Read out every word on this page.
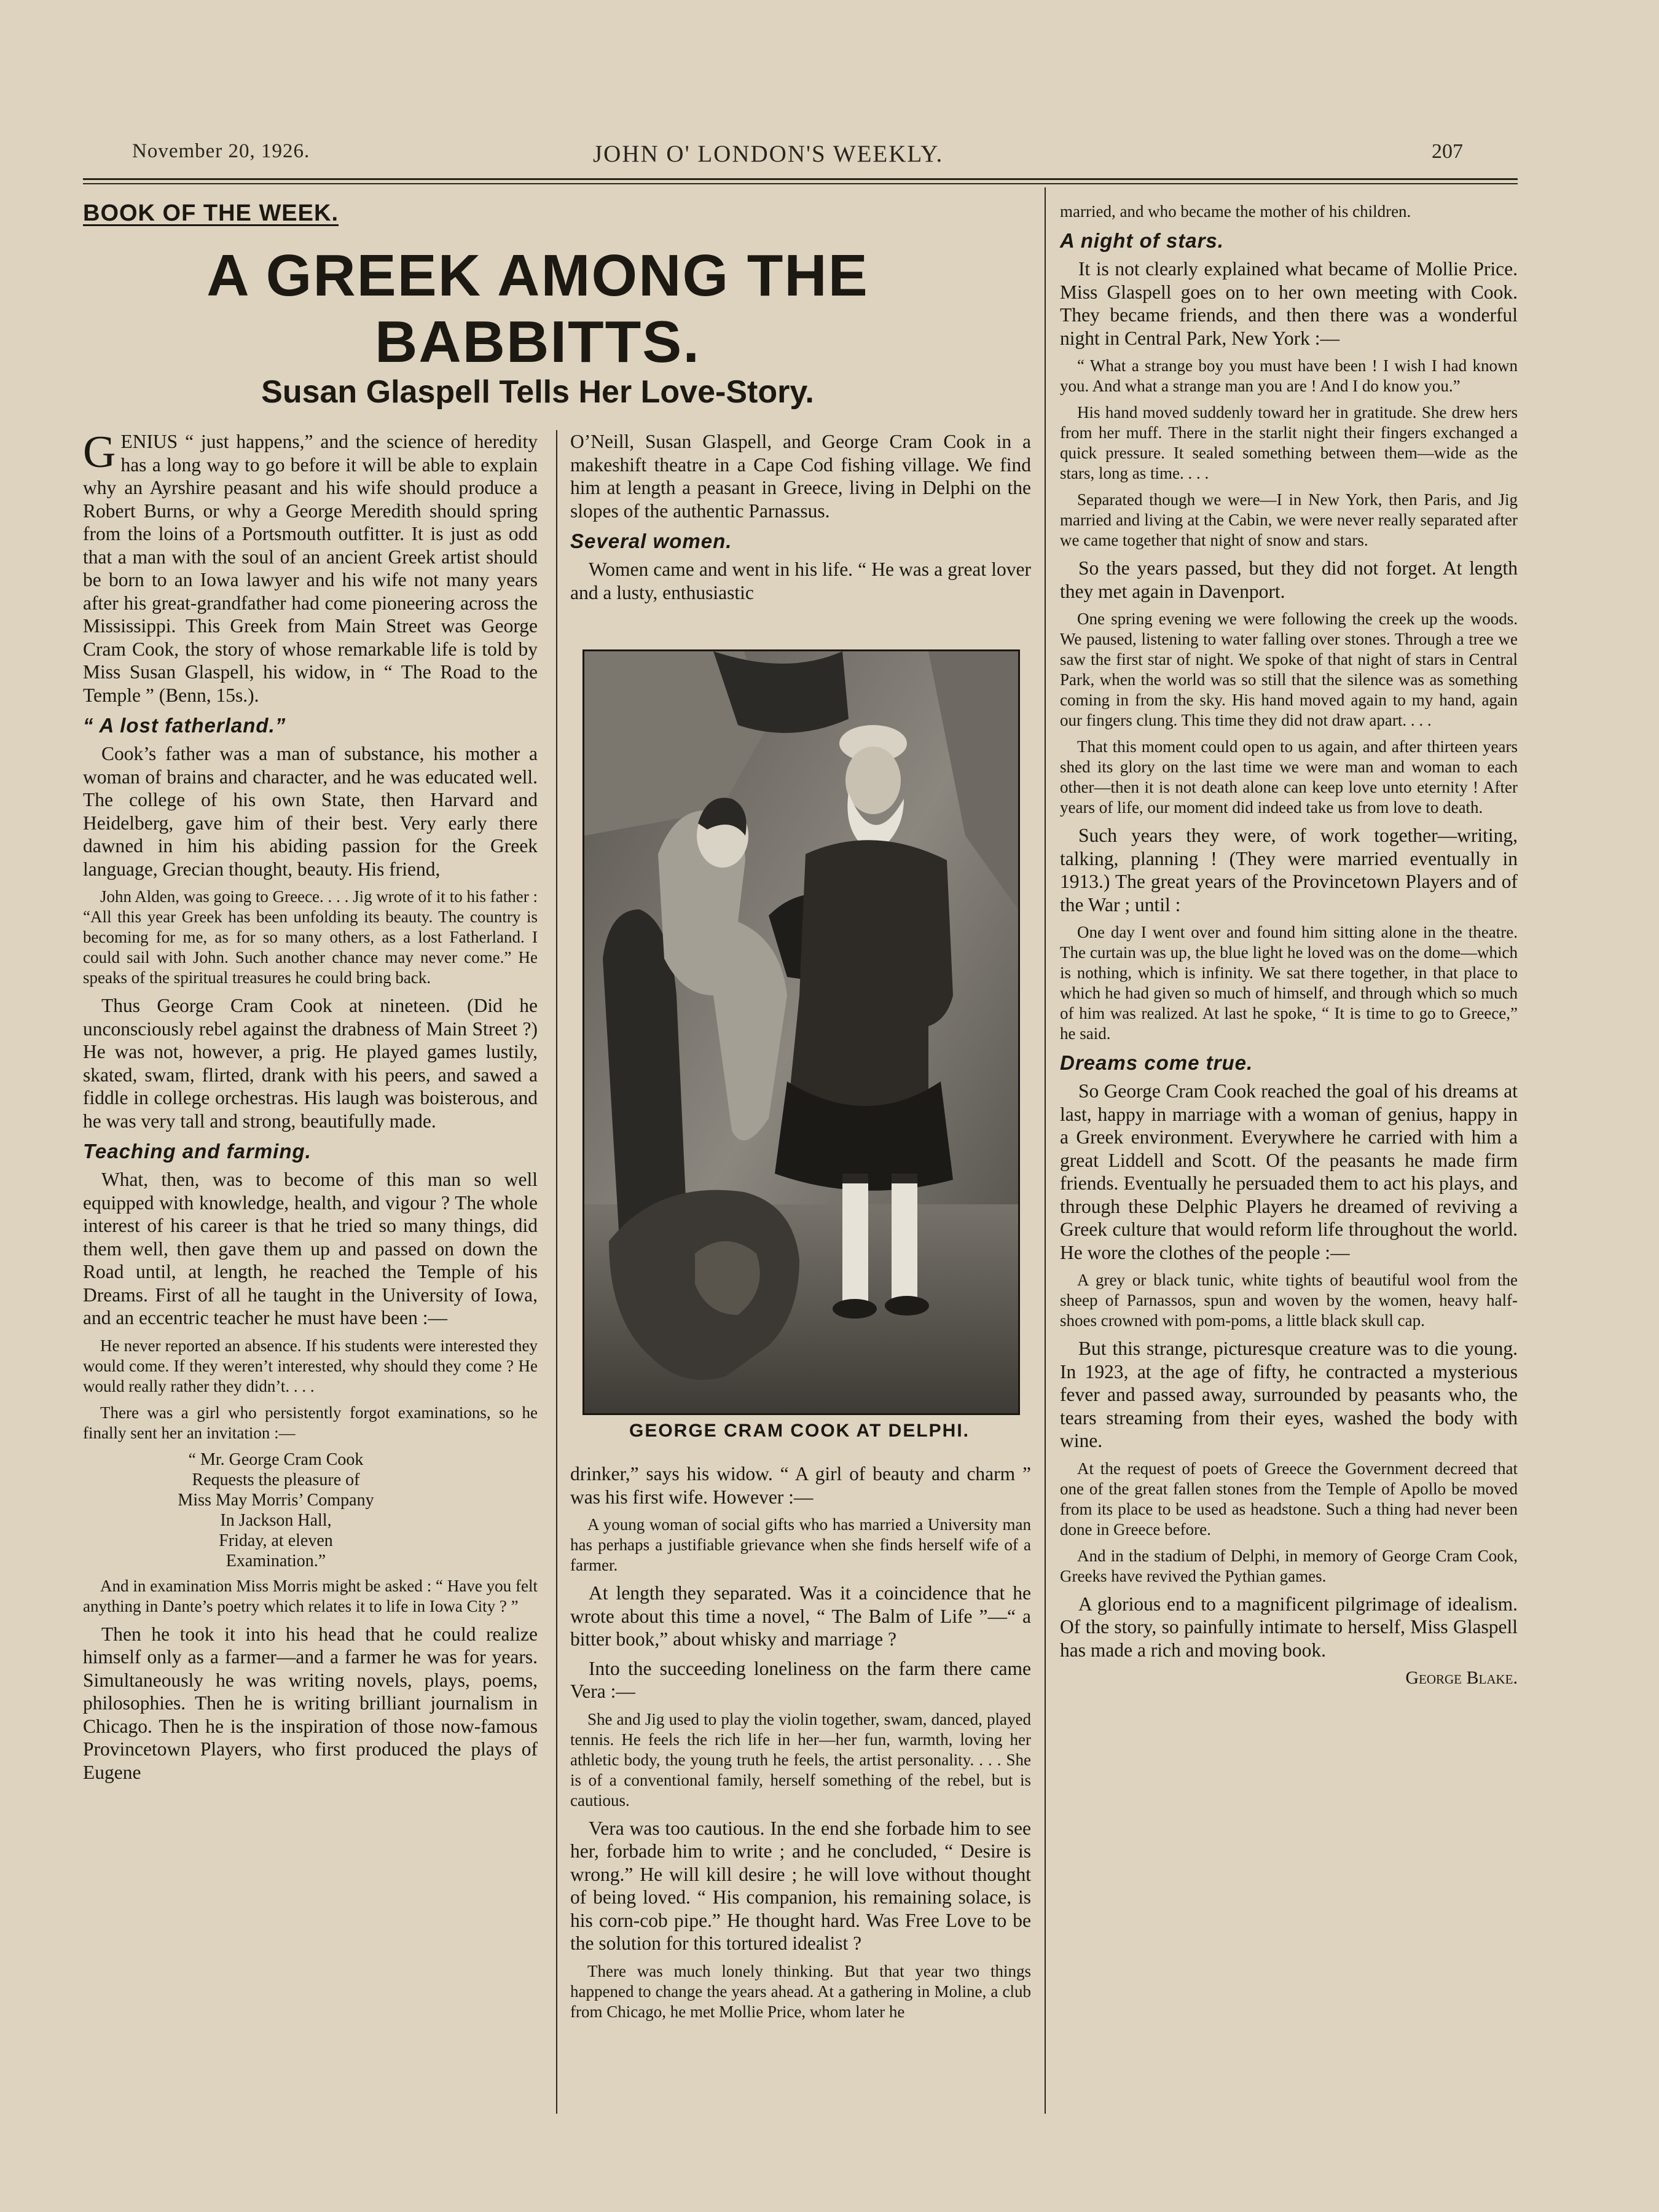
November 20, 1926.	JOHN O' LONDON'S WEEKLY.	207
BOOK OF THE WEEK.
A GREEK AMONG THE
BABBITTS.
Susan Glaspell Tells Her Love-Story.

GENIUS “ just happens,” and the science of heredity has a long way to go before it will be able to explain why an Ayrshire peasant and his wife should produce a Robert Burns, or why a George Meredith should spring from the loins of a Portsmouth outfitter. It is just as odd that a man with the soul of an ancient Greek artist should be born to an Iowa lawyer and his wife not many years after his great-grandfather had come pioneering across the Mississippi. This Greek from Main Street was George Cram Cook, the story of whose remarkable life is told by Miss Susan Glaspell, his widow, in “ The Road to the Temple ” (Benn, 15s.).

“ A lost fatherland.”

Cook’s father was a man of substance, his mother a woman of brains and character, and he was educated well. The college of his own State, then Harvard and Heidelberg, gave him of their best. Very early there dawned in him his abiding passion for the Greek language, Grecian thought, beauty. His friend,

John Alden, was going to Greece. . . . Jig wrote of it to his father : “All this year Greek has been unfolding its beauty. The country is becoming for me, as for so many others, as a lost Fatherland. I could sail with John. Such another chance may never come.” He speaks of the spiritual treasures he could bring back.

Thus George Cram Cook at nineteen. (Did he unconsciously rebel against the drabness of Main Street ?) He was not, however, a prig. He played games lustily, skated, swam, flirted, drank with his peers, and sawed a fiddle in college orchestras. His laugh was boisterous, and he was very tall and strong, beautifully made.

Teaching and farming.

What, then, was to become of this man so well equipped with knowledge, health, and vigour ? The whole interest of his career is that he tried so many things, did them well, then gave them up and passed on down the Road until, at length, he reached the Temple of his Dreams. First of all he taught in the University of Iowa, and an eccentric teacher he must have been :—

He never reported an absence. If his students were interested they would come. If they weren’t interested, why should they come ? He would really rather they didn’t. . . .

There was a girl who persistently forgot examinations, so he finally sent her an invitation :—

“ Mr. George Cram Cook
Requests the pleasure of
Miss May Morris’ Company
In Jackson Hall,
Friday, at eleven
Examination.”

And in examination Miss Morris might be asked : “ Have you felt anything in Dante’s poetry which relates it to life in Iowa City ? ”

Then he took it into his head that he could realize himself only as a farmer—and a farmer he was for years. Simultaneously he was writing novels, plays, poems, philosophies. Then he is writing brilliant journalism in Chicago. Then he is the inspiration of those now-famous Provincetown Players, who first produced the plays of Eugene

O’Neill, Susan Glaspell, and George Cram Cook in a makeshift theatre in a Cape Cod fishing village. We find him at length a peasant in Greece, living in Delphi on the slopes of the authentic Parnassus.

Several women.

Women came and went in his life. “ He was a great lover and a lusty, enthusiastic

GEORGE CRAM COOK AT DELPHI.

drinker,” says his widow. “ A girl of beauty and charm ” was his first wife. However :—

A young woman of social gifts who has married a University man has perhaps a justifiable grievance when she finds herself wife of a farmer.

At length they separated. Was it a coincidence that he wrote about this time a novel, “ The Balm of Life ”—“ a bitter book,” about whisky and marriage ?

Into the succeeding loneliness on the farm there came Vera :—

She and Jig used to play the violin together, swam, danced, played tennis. He feels the rich life in her—her fun, warmth, loving her athletic body, the young truth he feels, the artist personality. . . . She is of a conventional family, herself something of the rebel, but is cautious.

Vera was too cautious. In the end she forbade him to see her, forbade him to write ; and he concluded, “ Desire is wrong.” He will kill desire ; he will love without thought of being loved. “ His companion, his remaining solace, is his corn-cob pipe.” He thought hard. Was Free Love to be the solution for this tortured idealist ?

There was much lonely thinking. But that year two things happened to change the years ahead. At a gathering in Moline, a club from Chicago, he met Mollie Price, whom later he

married, and who became the mother of his children.

A night of stars.

It is not clearly explained what became of Mollie Price. Miss Glaspell goes on to her own meeting with Cook. They became friends, and then there was a wonderful night in Central Park, New York :—

“ What a strange boy you must have been ! I wish I had known you. And what a strange man you are ! And I do know you.”

His hand moved suddenly toward her in gratitude. She drew hers from her muff. There in the starlit night their fingers exchanged a quick pressure. It sealed something between them—wide as the stars, long as time. . . .

Separated though we were—I in New York, then Paris, and Jig married and living at the Cabin, we were never really separated after we came together that night of snow and stars.

So the years passed, but they did not forget. At length they met again in Davenport.

One spring evening we were following the creek up the woods. We paused, listening to water falling over stones. Through a tree we saw the first star of night. We spoke of that night of stars in Central Park, when the world was so still that the silence was as something coming in from the sky. His hand moved again to my hand, again our fingers clung. This time they did not draw apart. . . .

That this moment could open to us again, and after thirteen years shed its glory on the last time we were man and woman to each other—then it is not death alone can keep love unto eternity ! After years of life, our moment did indeed take us from love to death.

Such years they were, of work together—writing, talking, planning ! (They were married eventually in 1913.) The great years of the Provincetown Players and of the War ; until :

One day I went over and found him sitting alone in the theatre. The curtain was up, the blue light he loved was on the dome—which is nothing, which is infinity. We sat there together, in that place to which he had given so much of himself, and through which so much of him was realized. At last he spoke, “ It is time to go to Greece,” he said.

Dreams come true.

So George Cram Cook reached the goal of his dreams at last, happy in marriage with a woman of genius, happy in a Greek environment. Everywhere he carried with him a great Liddell and Scott. Of the peasants he made firm friends. Eventually he persuaded them to act his plays, and through these Delphic Players he dreamed of reviving a Greek culture that would reform life throughout the world. He wore the clothes of the people :—

A grey or black tunic, white tights of beautiful wool from the sheep of Parnassos, spun and woven by the women, heavy half-shoes crowned with pom-poms, a little black skull cap.

But this strange, picturesque creature was to die young. In 1923, at the age of fifty, he contracted a mysterious fever and passed away, surrounded by peasants who, the tears streaming from their eyes, washed the body with wine.

At the request of poets of Greece the Government decreed that one of the great fallen stones from the Temple of Apollo be moved from its place to be used as headstone. Such a thing had never been done in Greece before.

And in the stadium of Delphi, in memory of George Cram Cook, Greeks have revived the Pythian games.

A glorious end to a magnificent pilgrimage of idealism. Of the story, so painfully intimate to herself, Miss Glaspell has made a rich and moving book.

George Blake.
